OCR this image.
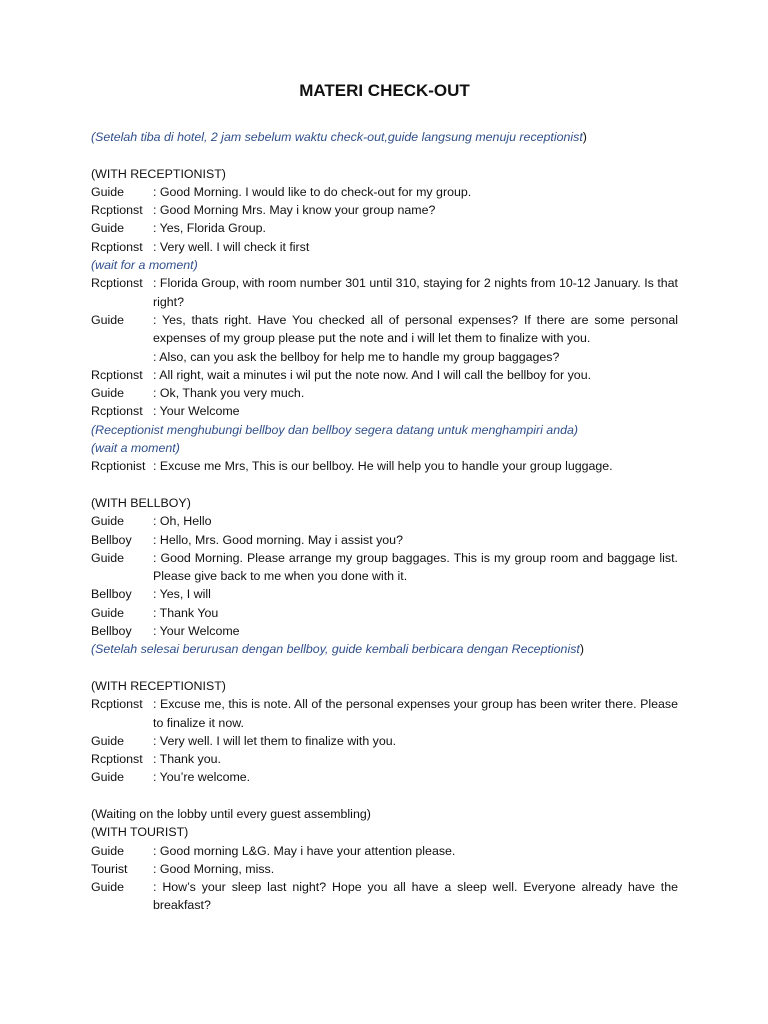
MATERI CHECK-OUT
(Setelah tiba di hotel, 2 jam sebelum waktu check-out,guide langsung menuju receptionist)
(WITH RECEPTIONIST)
Guide	: Good Morning. I would like to do check-out for my group.
Rcptionst : Good Morning Mrs. May i know your group name?
Guide	: Yes, Florida Group.
Rcptionst : Very well. I will check it first
(wait for a moment)
Rcptionst : Florida Group, with room number 301 until 310, staying for 2 nights from 10-12 January. Is that right?
Guide	: Yes, thats right. Have You checked all of personal expenses? If there are some personal expenses of my group please put the note and i will let them to finalize with you.
: Also, can you ask the bellboy for help me to handle my group baggages?
Rcptionst : All right, wait a minutes i wil put the note now. And I will call the bellboy for you.
Guide	: Ok, Thank you very much.
Rcptionst : Your Welcome
(Receptionist menghubungi bellboy dan bellboy segera datang untuk menghampiri anda)
(wait a moment)
Rcptionist : Excuse me Mrs, This is our bellboy. He will help you to handle your group luggage.
(WITH BELLBOY)
Guide	: Oh, Hello
Bellboy	: Hello, Mrs. Good morning. May i assist you?
Guide	: Good Morning. Please arrange my group baggages. This is my group room and baggage list. Please give back to me when you done with it.
Bellboy	: Yes, I will
Guide	: Thank You
Bellboy	: Your Welcome
(Setelah selesai berurusan dengan bellboy, guide kembali berbicara dengan Receptionist)
(WITH RECEPTIONIST)
Rcptionst : Excuse me, this is note. All of the personal expenses your group has been writer there. Please to finalize it now.
Guide	: Very well. I will let them to finalize with you.
Rcptionst : Thank you.
Guide	: You’re welcome.
(Waiting on the lobby until every guest assembling)
(WITH TOURIST)
Guide	: Good morning L&G. May i have your attention please.
Tourist	: Good Morning, miss.
Guide	: How’s your sleep last night? Hope you all have a sleep well. Everyone already have the breakfast?
